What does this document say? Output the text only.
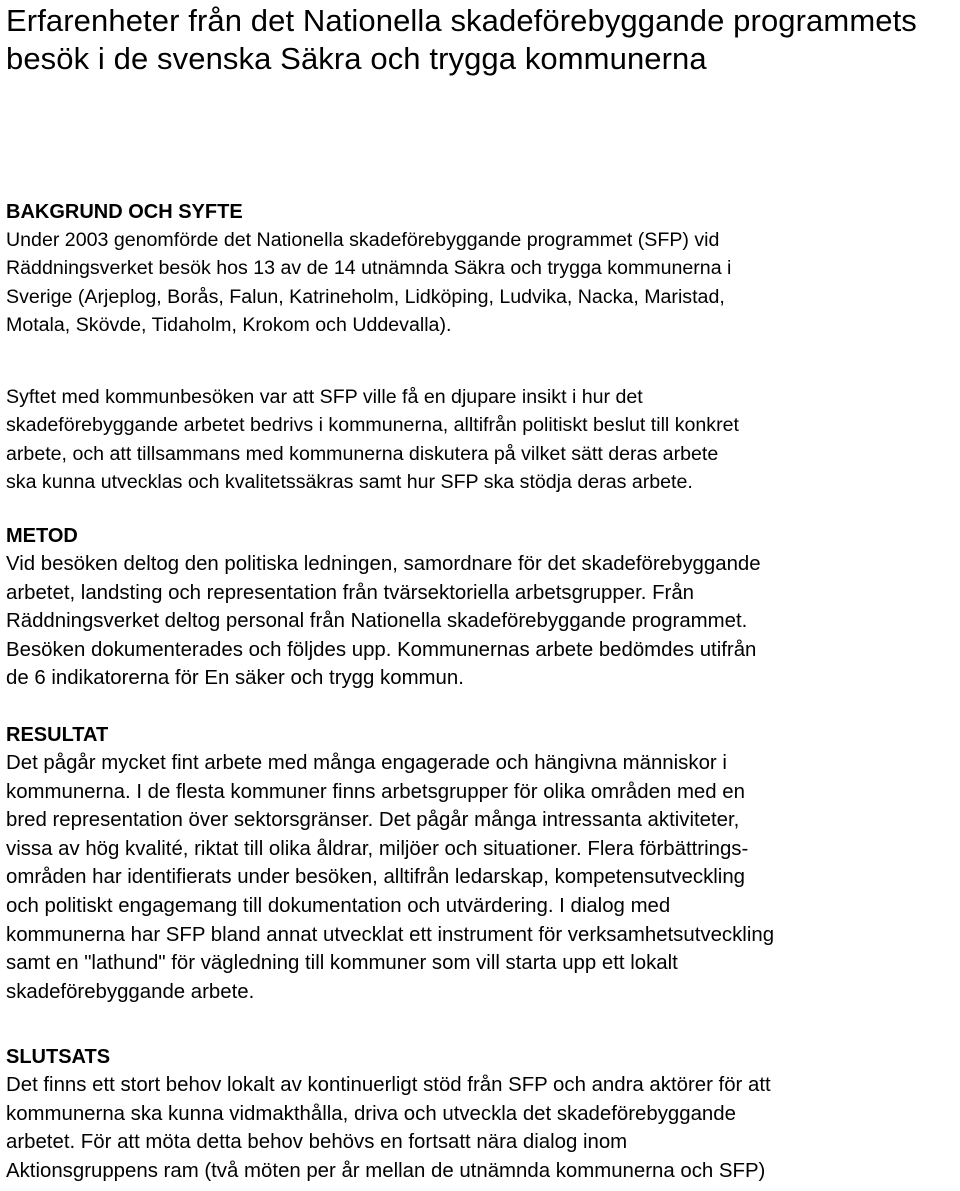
Erfarenheter från det Nationella skadeförebyggande programmets besök i de svenska Säkra och trygga kommunerna
BAKGRUND OCH SYFTE

Under 2003 genomförde det Nationella skadeförebyggande programmet (SFP) vid
Räddningsverket besök hos 13 av de 14 utnämnda Säkra och trygga kommunerna i
Sverige (Arjeplog, Borås, Falun, Katrineholm, Lidköping, Ludvika, Nacka, Maristad,
Motala, Skövde, Tidaholm, Krokom och Uddevalla).

Syftet med kommunbesöken var att SFP ville få en djupare insikt i hur det
skadeförebyggande arbetet bedrivs i kommunerna, alltifrån politiskt beslut till konkret
arbete, och att tillsammans med kommunerna diskutera på vilket sätt deras arbete
ska kunna utvecklas och kvalitetssäkras samt hur SFP ska stödja deras arbete.

METOD

Vid besöken deltog den politiska ledningen, samordnare för det skadeförebyggande
arbetet, landsting och representation från tvärsektoriella arbetsgrupper. Från
Räddningsverket deltog personal från Nationella skadeförebyggande programmet.
Besöken dokumenterades och följdes upp. Kommunernas arbete bedömdes utifrån
de 6 indikatorerna för En säker och trygg kommun.

RESULTAT

Det pågår mycket fint arbete med många engagerade och hängivna människor i
kommunerna. I de flesta kommuner finns arbetsgrupper för olika områden med en
bred representation över sektorsgränser. Det pågår många intressanta aktiviteter,
vissa av hög kvalité, riktat till olika åldrar, miljöer och situationer. Flera förbättrings-
områden har identifierats under besöken, alltifrån ledarskap, kompetensutveckling
och politiskt engagemang till dokumentation och utvärdering. I dialog med
kommunerna har SFP bland annat utvecklat ett instrument för verksamhetsutveckling
samt en "lathund" för vägledning till kommuner som vill starta upp ett lokalt
skadeförebyggande arbete.

SLUTSATS

Det finns ett stort behov lokalt av kontinuerligt stöd från SFP och andra aktörer för att
kommunerna ska kunna vidmakthålla, driva och utveckla det skadeförebyggande
arbetet. För att möta detta behov behövs en fortsatt nära dialog inom
Aktionsgruppens ram (två möten per år mellan de utnämnda kommunerna och SFP)
